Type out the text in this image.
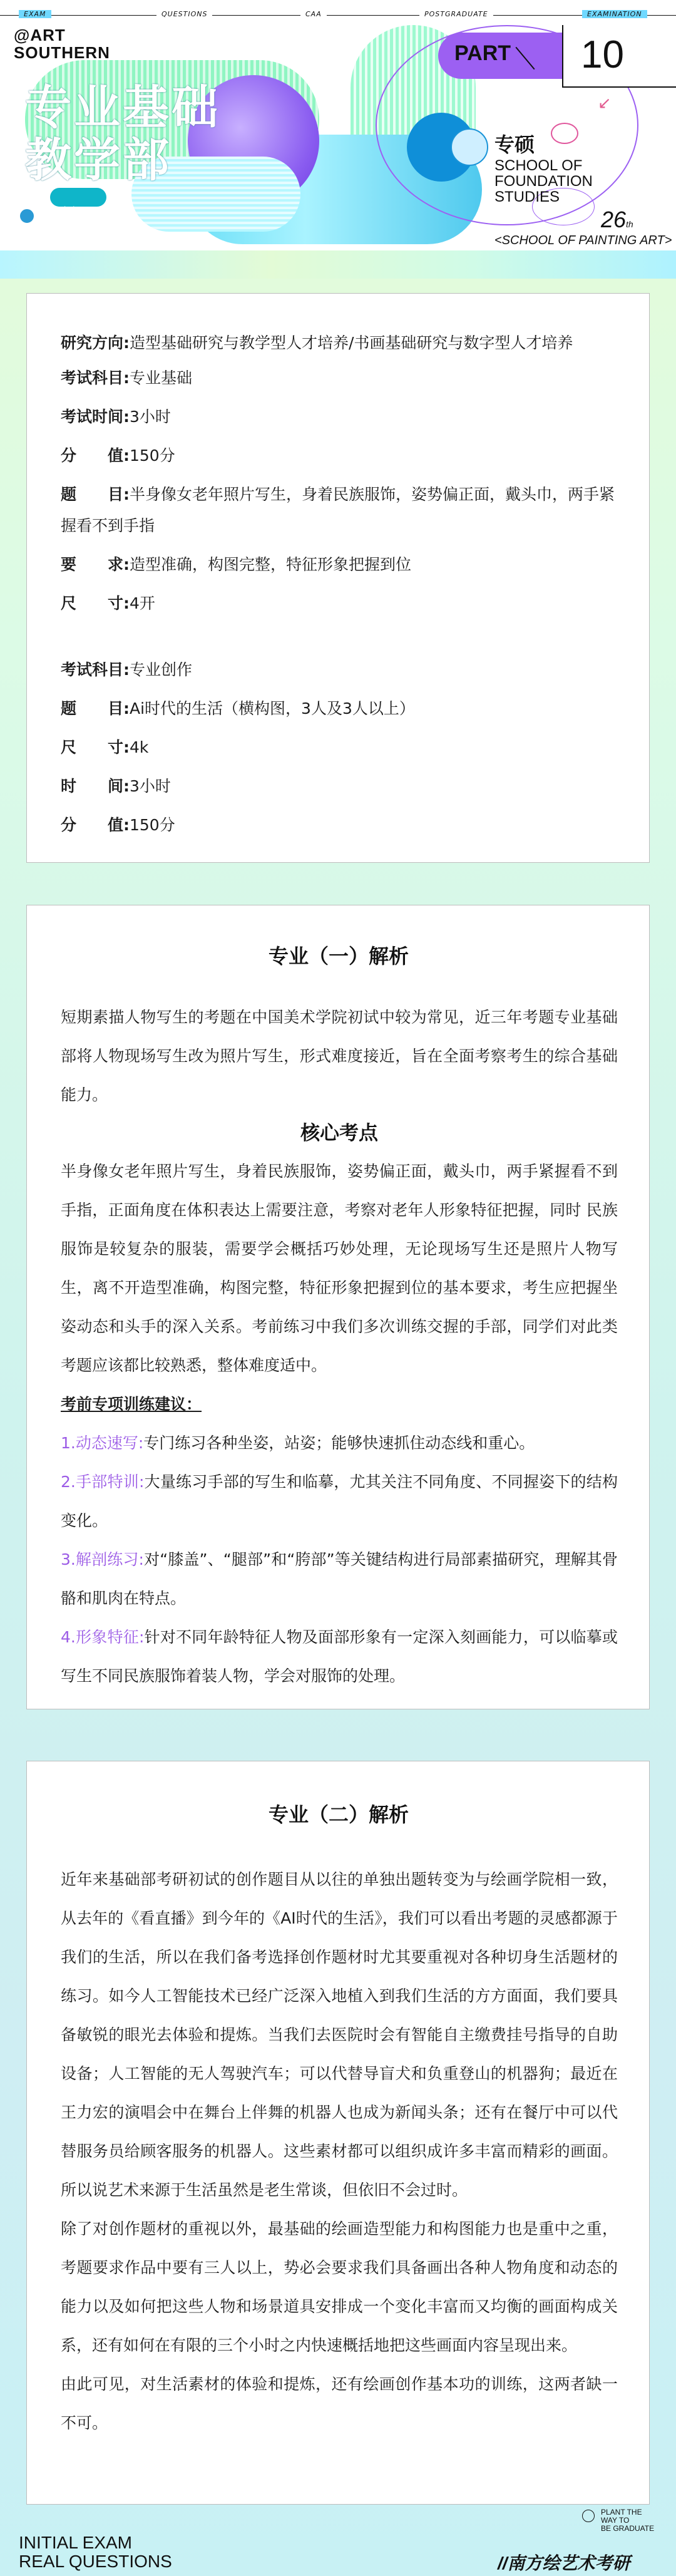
EXAM	QUESTIONS	CAA	POSTGRADUATE	EXAMINATION
@ART
SOUTHERN
专业基础
教学部
PART 10
↙
专硕
SCHOOL OF
FOUNDATION
STUDIES
26th
<SCHOOL OF PAINTING ART>
绘梦南方
研路匠造
研究方向:造型基础研究与教学型人才培养/书画基础研究与数字型人才培养
考试科目:专业基础
考试时间:3小时
分　　值:150分
题　　目:半身像女老年照片写生，身着民族服饰，姿势偏正面，戴头巾，两手紧握看不到手指
要　　求:造型准确，构图完整，特征形象把握到位
尺　　寸:4开
考试科目:专业创作
题　　目:Ai时代的生活（横构图，3人及3人以上）
尺　　寸:4k
时　　间:3小时
分　　值:150分
专业（一）解析
短期素描人物写生的考题在中国美术学院初试中较为常见，近三年考题专业基础部将人物现场写生改为照片写生，形式难度接近，旨在全面考察考生的综合基础能力。
核心考点
半身像女老年照片写生，身着民族服饰，姿势偏正面，戴头巾，两手紧握看不到手指，正面角度在体积表达上需要注意，考察对老年人形象特征把握，同时 民族服饰是较复杂的服装，需要学会概括巧妙处理，无论现场写生还是照片人物写生，离不开造型准确，构图完整，特征形象把握到位的基本要求，考生应把握坐姿动态和头手的深入关系。考前练习中我们多次训练交握的手部，同学们对此类考题应该都比较熟悉，整体难度适中。
考前专项训练建议：
1.动态速写:专门练习各种坐姿，站姿；能够快速抓住动态线和重心。
2.手部特训:大量练习手部的写生和临摹，尤其关注不同角度、不同握姿下的结构变化。
3.解剖练习:对“膝盖”、“腿部”和“胯部”等关键结构进行局部素描研究，理解其骨骼和肌肉在特点。
4.形象特征:针对不同年龄特征人物及面部形象有一定深入刻画能力，可以临摹或写生不同民族服饰着装人物，学会对服饰的处理。
专业（二）解析
近年来基础部考研初试的创作题目从以往的单独出题转变为与绘画学院相一致，从去年的《看直播》到今年的《AI时代的生活》，我们可以看出考题的灵感都源于我们的生活，所以在我们备考选择创作题材时尤其要重视对各种切身生活题材的练习。如今人工智能技术已经广泛深入地植入到我们生活的方方面面，我们要具备敏锐的眼光去体验和提炼。当我们去医院时会有智能自主缴费挂号指导的自助设备；人工智能的无人驾驶汽车；可以代替导盲犬和负重登山的机器狗；最近在王力宏的演唱会中在舞台上伴舞的机器人也成为新闻头条；还有在餐厅中可以代替服务员给顾客服务的机器人。这些素材都可以组织成许多丰富而精彩的画面。所以说艺术来源于生活虽然是老生常谈，但依旧不会过时。
除了对创作题材的重视以外，最基础的绘画造型能力和构图能力也是重中之重，考题要求作品中要有三人以上，势必会要求我们具备画出各种人物角度和动态的能力以及如何把这些人物和场景道具安排成一个变化丰富而又均衡的画面构成关系，还有如何在有限的三个小时之内快速概括地把这些画面内容呈现出来。
由此可见，对生活素材的体验和提炼，还有绘画创作基本功的训练，这两者缺一不可。
INITIAL EXAM
REAL QUESTIONS
PLANT THE
WAY TO
BE GRADUATE
//南方绘艺术考研
